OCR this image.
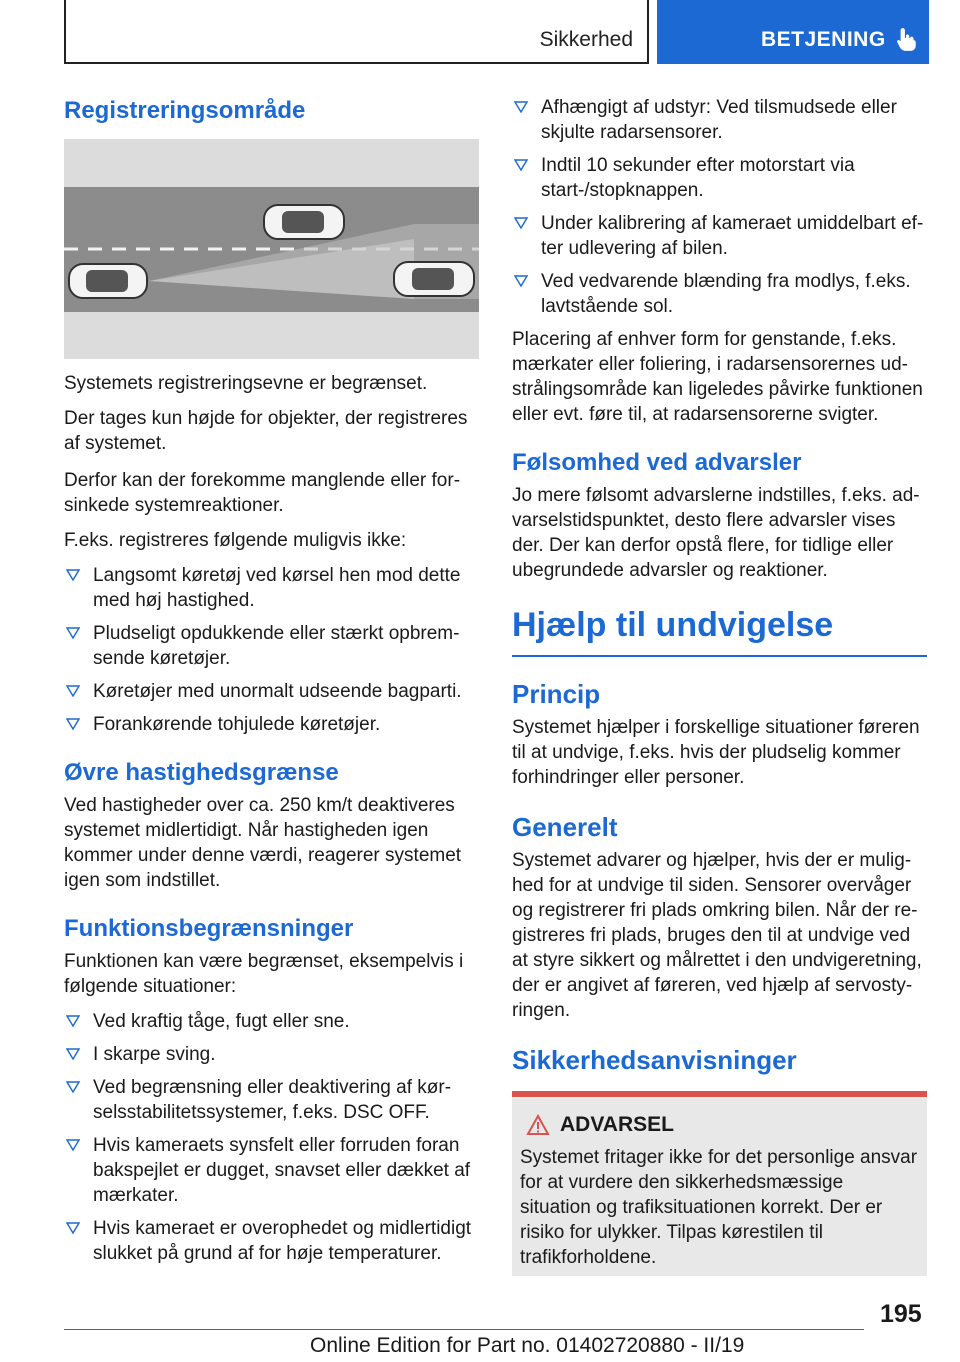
Sikkerhed	BETJENING
Registreringsområde

Systemets registreringsevne er begrænset.

Der tages kun højde for objekter, der registreres af systemet.

Derfor kan der forekomme manglende eller forsinkede systemreaktioner.

F.eks. registreres følgende muligvis ikke:

Langsomt køretøj ved kørsel hen mod dette med høj hastighed.
Pludseligt opdukkende eller stærkt opbremsende køretøjer.
Køretøjer med unormalt udseende bagparti.
Forankørende tohjulede køretøjer.
Øvre hastighedsgrænse

Ved hastigheder over ca. 250 km/t deaktiveres systemet midlertidigt. Når hastigheden igen kommer under denne værdi, reagerer systemet igen som indstillet.

Funktionsbegrænsninger

Funktionen kan være begrænset, eksempelvis i følgende situationer:

Ved kraftig tåge, fugt eller sne.
I skarpe sving.
Ved begrænsning eller deaktivering af kørselsstabilitetssystemer, f.eks. DSC OFF.
Hvis kameraets synsfelt eller forruden foran bakspejlet er dugget, snavset eller dækket af mærkater.
Hvis kameraet er overophedet og midlertidigt slukket på grund af for høje temperaturer.
Afhængigt af udstyr: Ved tilsmudsede eller skjulte radarsensorer.
Indtil 10 sekunder efter motorstart via start-/stopknappen.
Under kalibrering af kameraet umiddelbart efter udlevering af bilen.
Ved vedvarende blænding fra modlys, f.eks. lavtstående sol.

Placering af enhver form for genstande, f.eks. mærkater eller foliering, i radarsensorernes udstrålingsområde kan ligeledes påvirke funktionen eller evt. føre til, at radarsensorerne svigter.

Følsomhed ved advarsler

Jo mere følsomt advarslerne indstilles, f.eks. advarselstidspunktet, desto flere advarsler vises der. Der kan derfor opstå flere, for tidlige eller ubegrundede advarsler og reaktioner.

Hjælp til undvigelse
Princip

Systemet hjælper i forskellige situationer føreren til at undvige, f.eks. hvis der pludselig kommer forhindringer eller personer.

Generelt

Systemet advarer og hjælper, hvis der er mulighed for at undvige til siden. Sensorer overvåger og registrerer fri plads omkring bilen. Når der registreres fri plads, bruges den til at undvige ved at styre sikkert og målrettet i den undvigeretning, der er angivet af føreren, ved hjælp af servostyringen.

Sikkerhedsanvisninger
ADVARSEL

Systemet fritager ikke for det personlige ansvar for at vurdere den sikkerhedsmæssige situation og trafiksituationen korrekt. Der er risiko for ulykker. Tilpas kørestilen til trafikforholdene.

195
Online Edition for Part no. 01402720880 - II/19
